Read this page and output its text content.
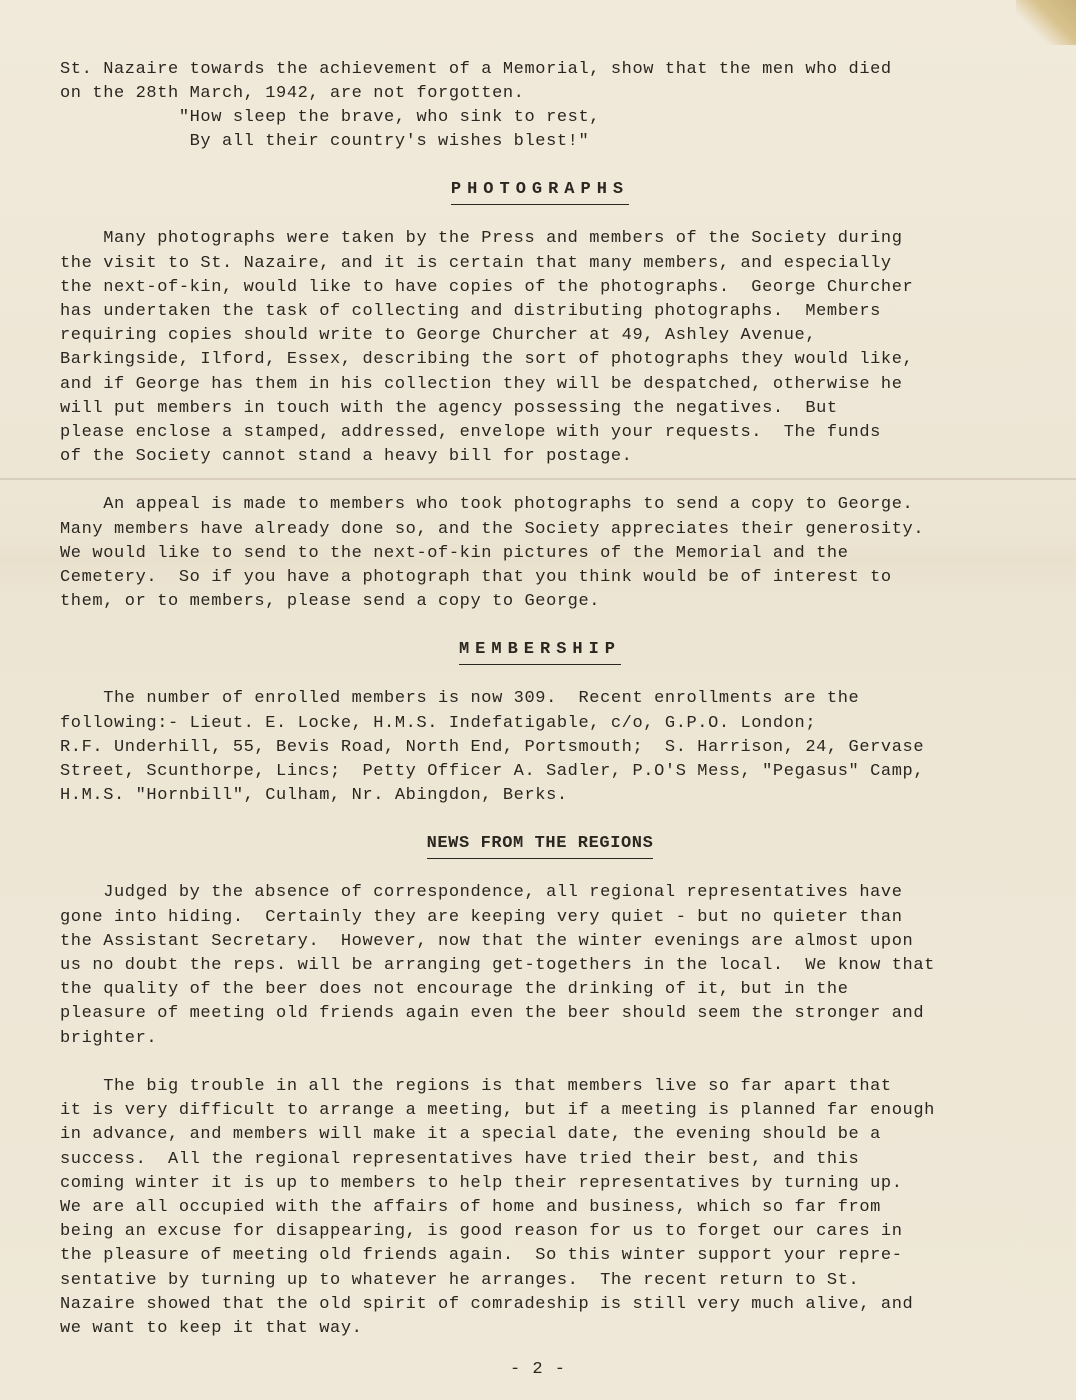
St. Nazaire towards the achievement of a Memorial, show that the men who died
on the 28th March, 1942, are not forgotten.

"How sleep the brave, who sink to rest,
By all their country's wishes blest!"

PHOTOGRAPHS

Many photographs were taken by the Press and members of the Society during
the visit to St. Nazaire, and it is certain that many members, and especially
the next-of-kin, would like to have copies of the photographs.  George Churcher
has undertaken the task of collecting and distributing photographs.  Members
requiring copies should write to George Churcher at 49, Ashley Avenue,
Barkingside, Ilford, Essex, describing the sort of photographs they would like,
and if George has them in his collection they will be despatched, otherwise he
will put members in touch with the agency possessing the negatives.  But
please enclose a stamped, addressed, envelope with your requests.  The funds
of the Society cannot stand a heavy bill for postage.

An appeal is made to members who took photographs to send a copy to George.
Many members have already done so, and the Society appreciates their generosity.
We would like to send to the next-of-kin pictures of the Memorial and the
Cemetery.  So if you have a photograph that you think would be of interest to
them, or to members, please send a copy to George.

MEMBERSHIP

The number of enrolled members is now 309.  Recent enrollments are the
following:- Lieut. E. Locke, H.M.S. Indefatigable, c/o, G.P.O. London;
R.F. Underhill, 55, Bevis Road, North End, Portsmouth;  S. Harrison, 24, Gervase
Street, Scunthorpe, Lincs;  Petty Officer A. Sadler, P.O'S Mess, "Pegasus" Camp,
H.M.S. "Hornbill", Culham, Nr. Abingdon, Berks.

NEWS FROM THE REGIONS

Judged by the absence of correspondence, all regional representatives have
gone into hiding.  Certainly they are keeping very quiet - but no quieter than
the Assistant Secretary.  However, now that the winter evenings are almost upon
us no doubt the reps. will be arranging get-togethers in the local.  We know that
the quality of the beer does not encourage the drinking of it, but in the
pleasure of meeting old friends again even the beer should seem the stronger and
brighter.

The big trouble in all the regions is that members live so far apart that
it is very difficult to arrange a meeting, but if a meeting is planned far enough
in advance, and members will make it a special date, the evening should be a
success.  All the regional representatives have tried their best, and this
coming winter it is up to members to help their representatives by turning up.
We are all occupied with the affairs of home and business, which so far from
being an excuse for disappearing, is good reason for us to forget our cares in
the pleasure of meeting old friends again.  So this winter support your repre-
sentative by turning up to whatever he arranges.  The recent return to St.
Nazaire showed that the old spirit of comradeship is still very much alive, and
we want to keep it that way.

- 2 -
